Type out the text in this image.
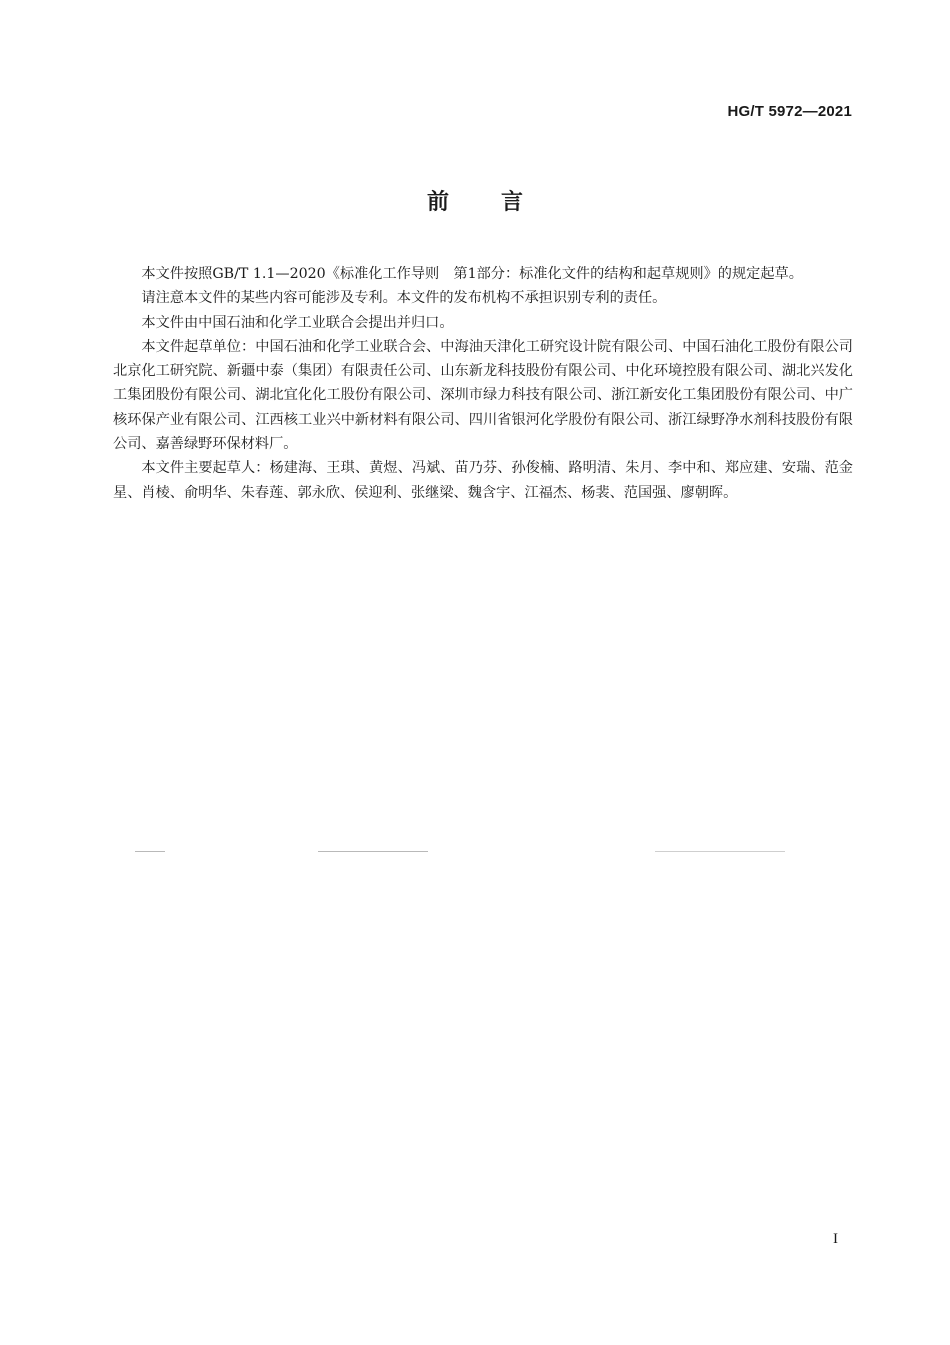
HG/T 5972—2021
前 言

本文件按照GB/T 1.1—2020《标准化工作导则　第1部分：标准化文件的结构和起草规则》的规定起草。

请注意本文件的某些内容可能涉及专利。本文件的发布机构不承担识别专利的责任。

本文件由中国石油和化学工业联合会提出并归口。

本文件起草单位：中国石油和化学工业联合会、中海油天津化工研究设计院有限公司、中国石油化工股份有限公司北京化工研究院、新疆中泰（集团）有限责任公司、山东新龙科技股份有限公司、中化环境控股有限公司、湖北兴发化工集团股份有限公司、湖北宜化化工股份有限公司、深圳市绿力科技有限公司、浙江新安化工集团股份有限公司、中广核环保产业有限公司、江西核工业兴中新材料有限公司、四川省银河化学股份有限公司、浙江绿野净水剂科技股份有限公司、嘉善绿野环保材料厂。

本文件主要起草人：杨建海、王琪、黄煜、冯斌、苗乃芬、孙俊楠、路明清、朱月、李中和、郑应建、安瑞、范金星、肖棱、俞明华、朱春莲、郭永欣、侯迎利、张继梁、魏含宇、江福杰、杨裴、范国强、廖朝晖。

I
